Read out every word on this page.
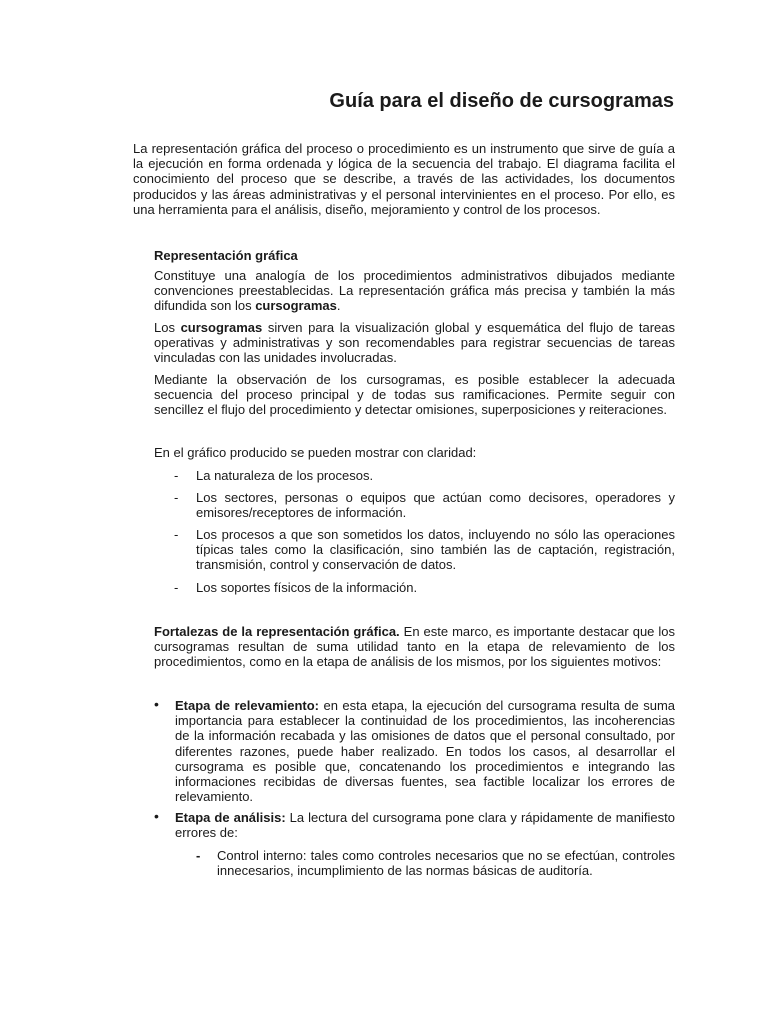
Guía para el diseño de cursogramas

La representación gráfica del proceso o procedimiento es un instrumento que sirve de guía a la ejecución en forma ordenada y lógica de la secuencia del trabajo. El diagrama facilita el conocimiento del proceso que se describe, a través de las actividades, los documentos producidos y las áreas administrativas y el personal intervinientes en el proceso. Por ello, es una herramienta para el análisis, diseño, mejoramiento y control de los procesos.

Representación gráfica

Constituye una analogía de los procedimientos administrativos dibujados mediante convenciones preestablecidas. La representación gráfica más precisa y también la más difundida son los cursogramas.

Los cursogramas sirven para la visualización global y esquemática del flujo de tareas operativas y administrativas y son recomendables para registrar secuencias de tareas vinculadas con las unidades involucradas.

Mediante la observación de los cursogramas, es posible establecer la adecuada secuencia del proceso principal y de todas sus ramificaciones. Permite seguir con sencillez el flujo del procedimiento y detectar omisiones, superposiciones y reiteraciones.

En el gráfico producido se pueden mostrar con claridad:

-	La naturaleza de los procesos.
-	Los sectores, personas o equipos que actúan como decisores, operadores y emisores/receptores de información.
-	Los procesos a que son sometidos los datos, incluyendo no sólo las operaciones típicas tales como la clasificación, sino también las de captación, registración, transmisión, control y conservación de datos.
-	Los soportes físicos de la información.

Fortalezas de la representación gráfica. En este marco, es importante destacar que los cursogramas resultan de suma utilidad tanto en la etapa de relevamiento de los procedimientos, como en la etapa de análisis de los mismos, por los siguientes motivos:

• Etapa de relevamiento: en esta etapa, la ejecución del cursograma resulta de suma importancia para establecer la continuidad de los procedimientos, las incoherencias de la información recabada y las omisiones de datos que el personal consultado, por diferentes razones, puede haber realizado. En todos los casos, al desarrollar el cursograma es posible que, concatenando los procedimientos e integrando las informaciones recibidas de diversas fuentes, sea factible localizar los errores de relevamiento.
• Etapa de análisis: La lectura del cursograma pone clara y rápidamente de manifiesto errores de:
- Control interno: tales como controles necesarios que no se efectúan, controles innecesarios, incumplimiento de las normas básicas de auditoría.
